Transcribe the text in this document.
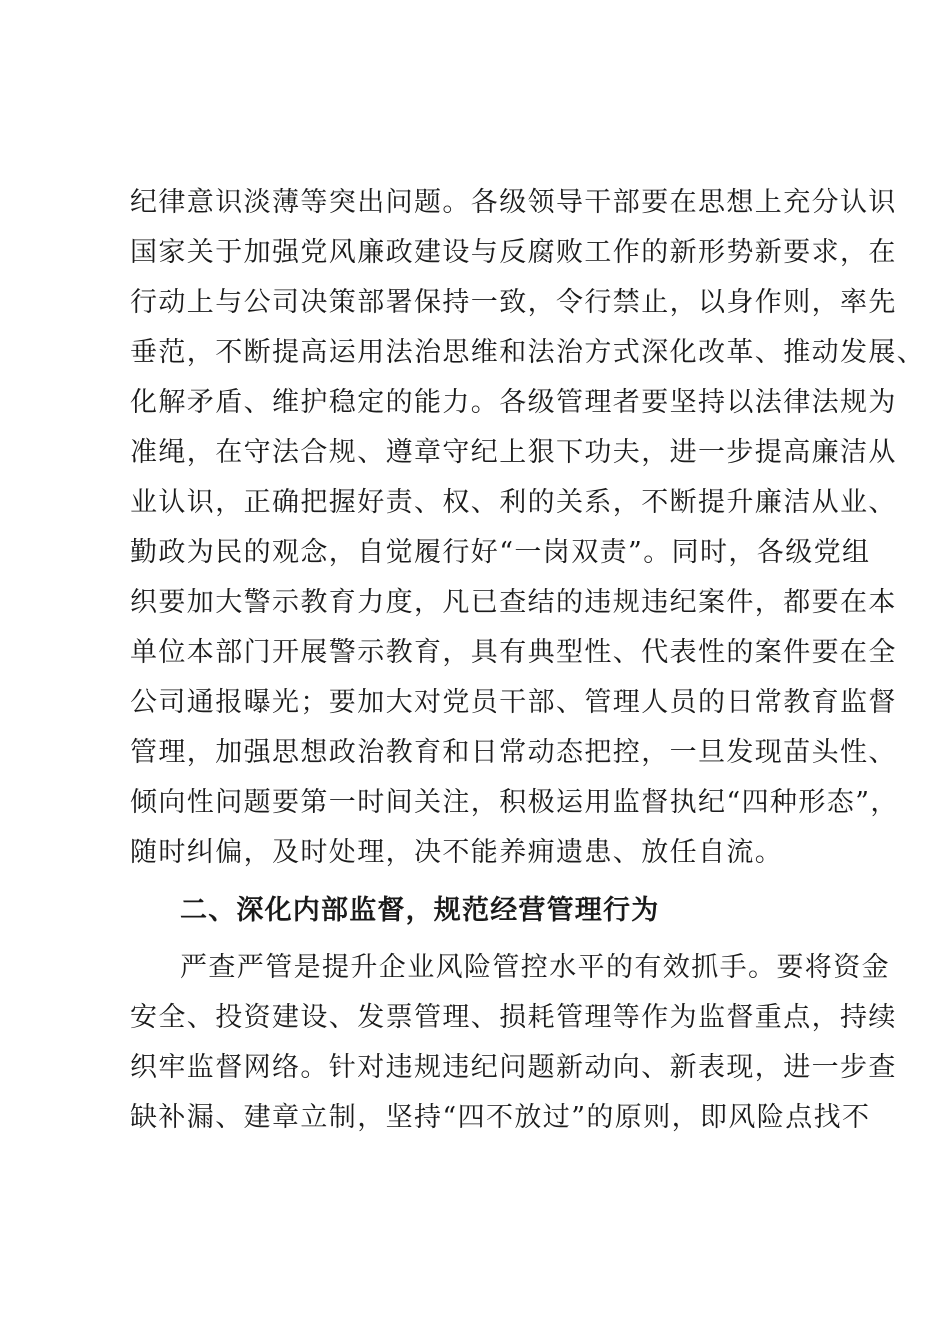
纪律意识淡薄等突出问题。各级领导干部要在思想上充分认识
国家关于加强党风廉政建设与反腐败工作的新形势新要求，在
行动上与公司决策部署保持一致，令行禁止，以身作则，率先
垂范，不断提高运用法治思维和法治方式深化改革、推动发展、
化解矛盾、维护稳定的能力。各级管理者要坚持以法律法规为
准绳，在守法合规、遵章守纪上狠下功夫，进一步提高廉洁从
业认识，正确把握好责、权、利的关系，不断提升廉洁从业、
勤政为民的观念，自觉履行好“一岗双责”。同时，各级党组
织要加大警示教育力度，凡已查结的违规违纪案件，都要在本
单位本部门开展警示教育，具有典型性、代表性的案件要在全
公司通报曝光；要加大对党员干部、管理人员的日常教育监督
管理，加强思想政治教育和日常动态把控，一旦发现苗头性、
倾向性问题要第一时间关注，积极运用监督执纪“四种形态”，
随时纠偏，及时处理，决不能养痈遗患、放任自流。
二、深化内部监督，规范经营管理行为
严查严管是提升企业风险管控水平的有效抓手。要将资金
安全、投资建设、发票管理、损耗管理等作为监督重点，持续
织牢监督网络。针对违规违纪问题新动向、新表现，进一步查
缺补漏、建章立制，坚持“四不放过”的原则，即风险点找不
